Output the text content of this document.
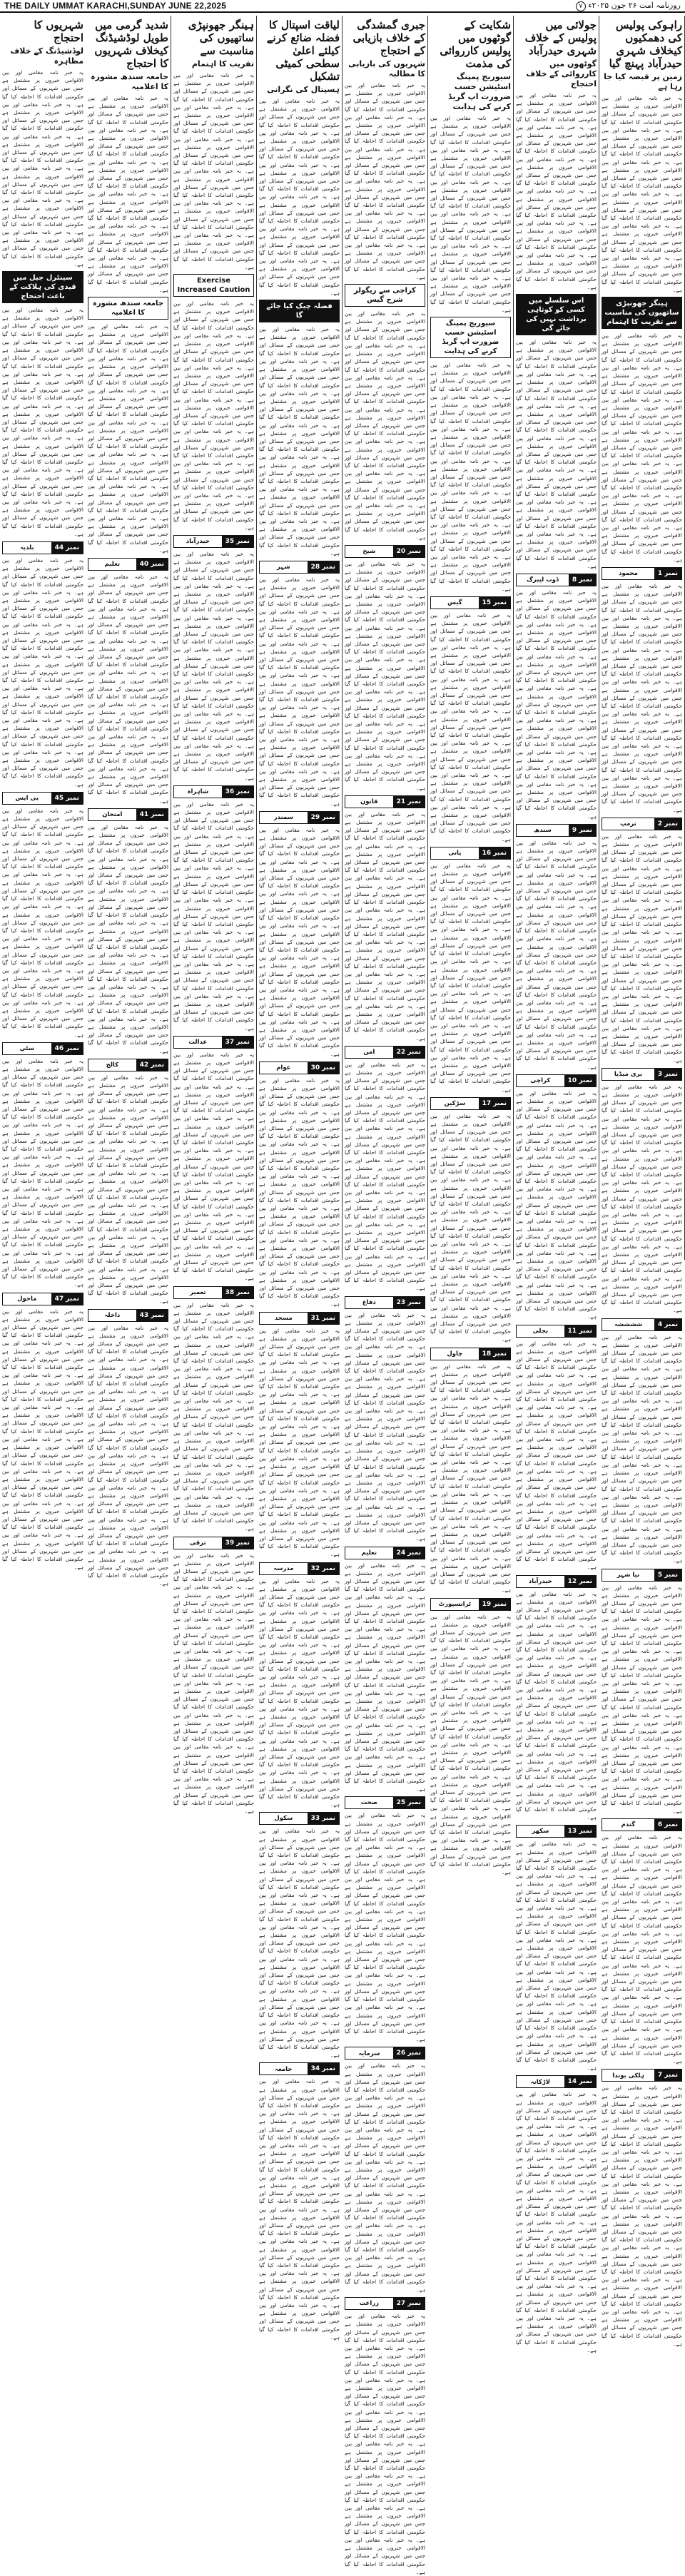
THE DAILY UMMAT KARACHI,SUNDAY JUNE 22,2025	روزنامہ امت ۲۶ جون ۲۰۲۵ء ۷
راہوکی پولیس کی دھمکیوں کیخلاف شہری حیدرآباد پہنچ گیا
زمین پر قبضہ کیا جا رہا ہے
یہ خبر نامہ مقامی اور بین الاقوامی خبروں پر مشتمل ہے جس میں شہریوں کے مسائل اور حکومتی اقدامات کا احاطہ کیا گیا ہے۔ یہ خبر نامہ مقامی اور بین الاقوامی خبروں پر مشتمل ہے جس میں شہریوں کے مسائل اور حکومتی اقدامات کا احاطہ کیا گیا ہے۔ یہ خبر نامہ مقامی اور بین الاقوامی خبروں پر مشتمل ہے جس میں شہریوں کے مسائل اور حکومتی اقدامات کا احاطہ کیا گیا ہے۔ یہ خبر نامہ مقامی اور بین الاقوامی خبروں پر مشتمل ہے جس میں شہریوں کے مسائل اور حکومتی اقدامات کا احاطہ کیا گیا ہے۔ یہ خبر نامہ مقامی اور بین الاقوامی خبروں پر مشتمل ہے جس میں شہریوں کے مسائل اور حکومتی اقدامات کا احاطہ کیا گیا ہے۔ یہ خبر نامہ مقامی اور بین الاقوامی خبروں پر مشتمل ہے جس میں شہریوں کے مسائل اور حکومتی اقدامات کا احاطہ کیا گیا ہے۔
ہینگر جھونپڑی ساتھیوں کی مناسبت سے تقریب کا اہتمام
یہ خبر نامہ مقامی اور بین الاقوامی خبروں پر مشتمل ہے جس میں شہریوں کے مسائل اور حکومتی اقدامات کا احاطہ کیا گیا ہے۔ یہ خبر نامہ مقامی اور بین الاقوامی خبروں پر مشتمل ہے جس میں شہریوں کے مسائل اور حکومتی اقدامات کا احاطہ کیا گیا ہے۔ یہ خبر نامہ مقامی اور بین الاقوامی خبروں پر مشتمل ہے جس میں شہریوں کے مسائل اور حکومتی اقدامات کا احاطہ کیا گیا ہے۔ یہ خبر نامہ مقامی اور بین الاقوامی خبروں پر مشتمل ہے جس میں شہریوں کے مسائل اور حکومتی اقدامات کا احاطہ کیا گیا ہے۔ یہ خبر نامہ مقامی اور بین الاقوامی خبروں پر مشتمل ہے جس میں شہریوں کے مسائل اور حکومتی اقدامات کا احاطہ کیا گیا ہے۔ یہ خبر نامہ مقامی اور بین الاقوامی خبروں پر مشتمل ہے جس میں شہریوں کے مسائل اور حکومتی اقدامات کا احاطہ کیا گیا ہے۔ یہ خبر نامہ مقامی اور بین الاقوامی خبروں پر مشتمل ہے جس میں شہریوں کے مسائل اور حکومتی اقدامات کا احاطہ کیا گیا ہے۔
نمبر 1
محمود
یہ خبر نامہ مقامی اور بین الاقوامی خبروں پر مشتمل ہے جس میں شہریوں کے مسائل اور حکومتی اقدامات کا احاطہ کیا گیا ہے۔ یہ خبر نامہ مقامی اور بین الاقوامی خبروں پر مشتمل ہے جس میں شہریوں کے مسائل اور حکومتی اقدامات کا احاطہ کیا گیا ہے۔ یہ خبر نامہ مقامی اور بین الاقوامی خبروں پر مشتمل ہے جس میں شہریوں کے مسائل اور حکومتی اقدامات کا احاطہ کیا گیا ہے۔ یہ خبر نامہ مقامی اور بین الاقوامی خبروں پر مشتمل ہے جس میں شہریوں کے مسائل اور حکومتی اقدامات کا احاطہ کیا گیا ہے۔ یہ خبر نامہ مقامی اور بین الاقوامی خبروں پر مشتمل ہے جس میں شہریوں کے مسائل اور حکومتی اقدامات کا احاطہ کیا گیا ہے۔ یہ خبر نامہ مقامی اور بین الاقوامی خبروں پر مشتمل ہے جس میں شہریوں کے مسائل اور حکومتی اقدامات کا احاطہ کیا گیا ہے۔ یہ خبر نامہ مقامی اور بین الاقوامی خبروں پر مشتمل ہے جس میں شہریوں کے مسائل اور حکومتی اقدامات کا احاطہ کیا گیا ہے۔
نمبر 2
ترمپ
یہ خبر نامہ مقامی اور بین الاقوامی خبروں پر مشتمل ہے جس میں شہریوں کے مسائل اور حکومتی اقدامات کا احاطہ کیا گیا ہے۔ یہ خبر نامہ مقامی اور بین الاقوامی خبروں پر مشتمل ہے جس میں شہریوں کے مسائل اور حکومتی اقدامات کا احاطہ کیا گیا ہے۔ یہ خبر نامہ مقامی اور بین الاقوامی خبروں پر مشتمل ہے جس میں شہریوں کے مسائل اور حکومتی اقدامات کا احاطہ کیا گیا ہے۔ یہ خبر نامہ مقامی اور بین الاقوامی خبروں پر مشتمل ہے جس میں شہریوں کے مسائل اور حکومتی اقدامات کا احاطہ کیا گیا ہے۔ یہ خبر نامہ مقامی اور بین الاقوامی خبروں پر مشتمل ہے جس میں شہریوں کے مسائل اور حکومتی اقدامات کا احاطہ کیا گیا ہے۔ یہ خبر نامہ مقامی اور بین الاقوامی خبروں پر مشتمل ہے جس میں شہریوں کے مسائل اور حکومتی اقدامات کا احاطہ کیا گیا ہے۔ یہ خبر نامہ مقامی اور بین الاقوامی خبروں پر مشتمل ہے جس میں شہریوں کے مسائل اور حکومتی اقدامات کا احاطہ کیا گیا ہے۔
نمبر 3
بری میڈیا
یہ خبر نامہ مقامی اور بین الاقوامی خبروں پر مشتمل ہے جس میں شہریوں کے مسائل اور حکومتی اقدامات کا احاطہ کیا گیا ہے۔ یہ خبر نامہ مقامی اور بین الاقوامی خبروں پر مشتمل ہے جس میں شہریوں کے مسائل اور حکومتی اقدامات کا احاطہ کیا گیا ہے۔ یہ خبر نامہ مقامی اور بین الاقوامی خبروں پر مشتمل ہے جس میں شہریوں کے مسائل اور حکومتی اقدامات کا احاطہ کیا گیا ہے۔ یہ خبر نامہ مقامی اور بین الاقوامی خبروں پر مشتمل ہے جس میں شہریوں کے مسائل اور حکومتی اقدامات کا احاطہ کیا گیا ہے۔ یہ خبر نامہ مقامی اور بین الاقوامی خبروں پر مشتمل ہے جس میں شہریوں کے مسائل اور حکومتی اقدامات کا احاطہ کیا گیا ہے۔ یہ خبر نامہ مقامی اور بین الاقوامی خبروں پر مشتمل ہے جس میں شہریوں کے مسائل اور حکومتی اقدامات کا احاطہ کیا گیا ہے۔ یہ خبر نامہ مقامی اور بین الاقوامی خبروں پر مشتمل ہے جس میں شہریوں کے مسائل اور حکومتی اقدامات کا احاطہ کیا گیا ہے۔
نمبر 4
ششششہ
یہ خبر نامہ مقامی اور بین الاقوامی خبروں پر مشتمل ہے جس میں شہریوں کے مسائل اور حکومتی اقدامات کا احاطہ کیا گیا ہے۔ یہ خبر نامہ مقامی اور بین الاقوامی خبروں پر مشتمل ہے جس میں شہریوں کے مسائل اور حکومتی اقدامات کا احاطہ کیا گیا ہے۔ یہ خبر نامہ مقامی اور بین الاقوامی خبروں پر مشتمل ہے جس میں شہریوں کے مسائل اور حکومتی اقدامات کا احاطہ کیا گیا ہے۔ یہ خبر نامہ مقامی اور بین الاقوامی خبروں پر مشتمل ہے جس میں شہریوں کے مسائل اور حکومتی اقدامات کا احاطہ کیا گیا ہے۔ یہ خبر نامہ مقامی اور بین الاقوامی خبروں پر مشتمل ہے جس میں شہریوں کے مسائل اور حکومتی اقدامات کا احاطہ کیا گیا ہے۔ یہ خبر نامہ مقامی اور بین الاقوامی خبروں پر مشتمل ہے جس میں شہریوں کے مسائل اور حکومتی اقدامات کا احاطہ کیا گیا ہے۔ یہ خبر نامہ مقامی اور بین الاقوامی خبروں پر مشتمل ہے جس میں شہریوں کے مسائل اور حکومتی اقدامات کا احاطہ کیا گیا ہے۔
نمبر 5
نیا شہر
یہ خبر نامہ مقامی اور بین الاقوامی خبروں پر مشتمل ہے جس میں شہریوں کے مسائل اور حکومتی اقدامات کا احاطہ کیا گیا ہے۔ یہ خبر نامہ مقامی اور بین الاقوامی خبروں پر مشتمل ہے جس میں شہریوں کے مسائل اور حکومتی اقدامات کا احاطہ کیا گیا ہے۔ یہ خبر نامہ مقامی اور بین الاقوامی خبروں پر مشتمل ہے جس میں شہریوں کے مسائل اور حکومتی اقدامات کا احاطہ کیا گیا ہے۔ یہ خبر نامہ مقامی اور بین الاقوامی خبروں پر مشتمل ہے جس میں شہریوں کے مسائل اور حکومتی اقدامات کا احاطہ کیا گیا ہے۔ یہ خبر نامہ مقامی اور بین الاقوامی خبروں پر مشتمل ہے جس میں شہریوں کے مسائل اور حکومتی اقدامات کا احاطہ کیا گیا ہے۔ یہ خبر نامہ مقامی اور بین الاقوامی خبروں پر مشتمل ہے جس میں شہریوں کے مسائل اور حکومتی اقدامات کا احاطہ کیا گیا ہے۔ یہ خبر نامہ مقامی اور بین الاقوامی خبروں پر مشتمل ہے جس میں شہریوں کے مسائل اور حکومتی اقدامات کا احاطہ کیا گیا ہے۔
نمبر 6
گندم
یہ خبر نامہ مقامی اور بین الاقوامی خبروں پر مشتمل ہے جس میں شہریوں کے مسائل اور حکومتی اقدامات کا احاطہ کیا گیا ہے۔ یہ خبر نامہ مقامی اور بین الاقوامی خبروں پر مشتمل ہے جس میں شہریوں کے مسائل اور حکومتی اقدامات کا احاطہ کیا گیا ہے۔ یہ خبر نامہ مقامی اور بین الاقوامی خبروں پر مشتمل ہے جس میں شہریوں کے مسائل اور حکومتی اقدامات کا احاطہ کیا گیا ہے۔ یہ خبر نامہ مقامی اور بین الاقوامی خبروں پر مشتمل ہے جس میں شہریوں کے مسائل اور حکومتی اقدامات کا احاطہ کیا گیا ہے۔ یہ خبر نامہ مقامی اور بین الاقوامی خبروں پر مشتمل ہے جس میں شہریوں کے مسائل اور حکومتی اقدامات کا احاطہ کیا گیا ہے۔ یہ خبر نامہ مقامی اور بین الاقوامی خبروں پر مشتمل ہے جس میں شہریوں کے مسائل اور حکومتی اقدامات کا احاطہ کیا گیا ہے۔ یہ خبر نامہ مقامی اور بین الاقوامی خبروں پر مشتمل ہے جس میں شہریوں کے مسائل اور حکومتی اقدامات کا احاطہ کیا گیا ہے۔
نمبر 7
ہلکی بوندا
یہ خبر نامہ مقامی اور بین الاقوامی خبروں پر مشتمل ہے جس میں شہریوں کے مسائل اور حکومتی اقدامات کا احاطہ کیا گیا ہے۔ یہ خبر نامہ مقامی اور بین الاقوامی خبروں پر مشتمل ہے جس میں شہریوں کے مسائل اور حکومتی اقدامات کا احاطہ کیا گیا ہے۔ یہ خبر نامہ مقامی اور بین الاقوامی خبروں پر مشتمل ہے جس میں شہریوں کے مسائل اور حکومتی اقدامات کا احاطہ کیا گیا ہے۔ یہ خبر نامہ مقامی اور بین الاقوامی خبروں پر مشتمل ہے جس میں شہریوں کے مسائل اور حکومتی اقدامات کا احاطہ کیا گیا ہے۔ یہ خبر نامہ مقامی اور بین الاقوامی خبروں پر مشتمل ہے جس میں شہریوں کے مسائل اور حکومتی اقدامات کا احاطہ کیا گیا ہے۔ یہ خبر نامہ مقامی اور بین الاقوامی خبروں پر مشتمل ہے جس میں شہریوں کے مسائل اور حکومتی اقدامات کا احاطہ کیا گیا ہے۔ یہ خبر نامہ مقامی اور بین الاقوامی خبروں پر مشتمل ہے جس میں شہریوں کے مسائل اور حکومتی اقدامات کا احاطہ کیا گیا ہے۔ یہ خبر نامہ مقامی اور بین الاقوامی خبروں پر مشتمل ہے جس میں شہریوں کے مسائل اور حکومتی اقدامات کا احاطہ کیا گیا ہے۔
جولائی میں پولیس کے خلاف شہری حیدرآباد
گوٹھوں میں کارروائی کے خلاف احتجاج
یہ خبر نامہ مقامی اور بین الاقوامی خبروں پر مشتمل ہے جس میں شہریوں کے مسائل اور حکومتی اقدامات کا احاطہ کیا گیا ہے۔ یہ خبر نامہ مقامی اور بین الاقوامی خبروں پر مشتمل ہے جس میں شہریوں کے مسائل اور حکومتی اقدامات کا احاطہ کیا گیا ہے۔ یہ خبر نامہ مقامی اور بین الاقوامی خبروں پر مشتمل ہے جس میں شہریوں کے مسائل اور حکومتی اقدامات کا احاطہ کیا گیا ہے۔ یہ خبر نامہ مقامی اور بین الاقوامی خبروں پر مشتمل ہے جس میں شہریوں کے مسائل اور حکومتی اقدامات کا احاطہ کیا گیا ہے۔ یہ خبر نامہ مقامی اور بین الاقوامی خبروں پر مشتمل ہے جس میں شہریوں کے مسائل اور حکومتی اقدامات کا احاطہ کیا گیا ہے۔ یہ خبر نامہ مقامی اور بین الاقوامی خبروں پر مشتمل ہے جس میں شہریوں کے مسائل اور حکومتی اقدامات کا احاطہ کیا گیا ہے۔
اس سلسلے میں کسی کو کوتاہی برداشت نہیں کی جائے گی
یہ خبر نامہ مقامی اور بین الاقوامی خبروں پر مشتمل ہے جس میں شہریوں کے مسائل اور حکومتی اقدامات کا احاطہ کیا گیا ہے۔ یہ خبر نامہ مقامی اور بین الاقوامی خبروں پر مشتمل ہے جس میں شہریوں کے مسائل اور حکومتی اقدامات کا احاطہ کیا گیا ہے۔ یہ خبر نامہ مقامی اور بین الاقوامی خبروں پر مشتمل ہے جس میں شہریوں کے مسائل اور حکومتی اقدامات کا احاطہ کیا گیا ہے۔ یہ خبر نامہ مقامی اور بین الاقوامی خبروں پر مشتمل ہے جس میں شہریوں کے مسائل اور حکومتی اقدامات کا احاطہ کیا گیا ہے۔ یہ خبر نامہ مقامی اور بین الاقوامی خبروں پر مشتمل ہے جس میں شہریوں کے مسائل اور حکومتی اقدامات کا احاطہ کیا گیا ہے۔ یہ خبر نامہ مقامی اور بین الاقوامی خبروں پر مشتمل ہے جس میں شہریوں کے مسائل اور حکومتی اقدامات کا احاطہ کیا گیا ہے۔ یہ خبر نامہ مقامی اور بین الاقوامی خبروں پر مشتمل ہے جس میں شہریوں کے مسائل اور حکومتی اقدامات کا احاطہ کیا گیا ہے۔
نمبر 8
ڈوب لیبرگ
یہ خبر نامہ مقامی اور بین الاقوامی خبروں پر مشتمل ہے جس میں شہریوں کے مسائل اور حکومتی اقدامات کا احاطہ کیا گیا ہے۔ یہ خبر نامہ مقامی اور بین الاقوامی خبروں پر مشتمل ہے جس میں شہریوں کے مسائل اور حکومتی اقدامات کا احاطہ کیا گیا ہے۔ یہ خبر نامہ مقامی اور بین الاقوامی خبروں پر مشتمل ہے جس میں شہریوں کے مسائل اور حکومتی اقدامات کا احاطہ کیا گیا ہے۔ یہ خبر نامہ مقامی اور بین الاقوامی خبروں پر مشتمل ہے جس میں شہریوں کے مسائل اور حکومتی اقدامات کا احاطہ کیا گیا ہے۔ یہ خبر نامہ مقامی اور بین الاقوامی خبروں پر مشتمل ہے جس میں شہریوں کے مسائل اور حکومتی اقدامات کا احاطہ کیا گیا ہے۔ یہ خبر نامہ مقامی اور بین الاقوامی خبروں پر مشتمل ہے جس میں شہریوں کے مسائل اور حکومتی اقدامات کا احاطہ کیا گیا ہے۔ یہ خبر نامہ مقامی اور بین الاقوامی خبروں پر مشتمل ہے جس میں شہریوں کے مسائل اور حکومتی اقدامات کا احاطہ کیا گیا ہے۔
نمبر 9
سندھ
یہ خبر نامہ مقامی اور بین الاقوامی خبروں پر مشتمل ہے جس میں شہریوں کے مسائل اور حکومتی اقدامات کا احاطہ کیا گیا ہے۔ یہ خبر نامہ مقامی اور بین الاقوامی خبروں پر مشتمل ہے جس میں شہریوں کے مسائل اور حکومتی اقدامات کا احاطہ کیا گیا ہے۔ یہ خبر نامہ مقامی اور بین الاقوامی خبروں پر مشتمل ہے جس میں شہریوں کے مسائل اور حکومتی اقدامات کا احاطہ کیا گیا ہے۔ یہ خبر نامہ مقامی اور بین الاقوامی خبروں پر مشتمل ہے جس میں شہریوں کے مسائل اور حکومتی اقدامات کا احاطہ کیا گیا ہے۔ یہ خبر نامہ مقامی اور بین الاقوامی خبروں پر مشتمل ہے جس میں شہریوں کے مسائل اور حکومتی اقدامات کا احاطہ کیا گیا ہے۔ یہ خبر نامہ مقامی اور بین الاقوامی خبروں پر مشتمل ہے جس میں شہریوں کے مسائل اور حکومتی اقدامات کا احاطہ کیا گیا ہے۔ یہ خبر نامہ مقامی اور بین الاقوامی خبروں پر مشتمل ہے جس میں شہریوں کے مسائل اور حکومتی اقدامات کا احاطہ کیا گیا ہے۔
نمبر 10
کراچی
یہ خبر نامہ مقامی اور بین الاقوامی خبروں پر مشتمل ہے جس میں شہریوں کے مسائل اور حکومتی اقدامات کا احاطہ کیا گیا ہے۔ یہ خبر نامہ مقامی اور بین الاقوامی خبروں پر مشتمل ہے جس میں شہریوں کے مسائل اور حکومتی اقدامات کا احاطہ کیا گیا ہے۔ یہ خبر نامہ مقامی اور بین الاقوامی خبروں پر مشتمل ہے جس میں شہریوں کے مسائل اور حکومتی اقدامات کا احاطہ کیا گیا ہے۔ یہ خبر نامہ مقامی اور بین الاقوامی خبروں پر مشتمل ہے جس میں شہریوں کے مسائل اور حکومتی اقدامات کا احاطہ کیا گیا ہے۔ یہ خبر نامہ مقامی اور بین الاقوامی خبروں پر مشتمل ہے جس میں شہریوں کے مسائل اور حکومتی اقدامات کا احاطہ کیا گیا ہے۔ یہ خبر نامہ مقامی اور بین الاقوامی خبروں پر مشتمل ہے جس میں شہریوں کے مسائل اور حکومتی اقدامات کا احاطہ کیا گیا ہے۔ یہ خبر نامہ مقامی اور بین الاقوامی خبروں پر مشتمل ہے جس میں شہریوں کے مسائل اور حکومتی اقدامات کا احاطہ کیا گیا ہے۔
نمبر 11
بجلی
یہ خبر نامہ مقامی اور بین الاقوامی خبروں پر مشتمل ہے جس میں شہریوں کے مسائل اور حکومتی اقدامات کا احاطہ کیا گیا ہے۔ یہ خبر نامہ مقامی اور بین الاقوامی خبروں پر مشتمل ہے جس میں شہریوں کے مسائل اور حکومتی اقدامات کا احاطہ کیا گیا ہے۔ یہ خبر نامہ مقامی اور بین الاقوامی خبروں پر مشتمل ہے جس میں شہریوں کے مسائل اور حکومتی اقدامات کا احاطہ کیا گیا ہے۔ یہ خبر نامہ مقامی اور بین الاقوامی خبروں پر مشتمل ہے جس میں شہریوں کے مسائل اور حکومتی اقدامات کا احاطہ کیا گیا ہے۔ یہ خبر نامہ مقامی اور بین الاقوامی خبروں پر مشتمل ہے جس میں شہریوں کے مسائل اور حکومتی اقدامات کا احاطہ کیا گیا ہے۔ یہ خبر نامہ مقامی اور بین الاقوامی خبروں پر مشتمل ہے جس میں شہریوں کے مسائل اور حکومتی اقدامات کا احاطہ کیا گیا ہے۔ یہ خبر نامہ مقامی اور بین الاقوامی خبروں پر مشتمل ہے جس میں شہریوں کے مسائل اور حکومتی اقدامات کا احاطہ کیا گیا ہے۔
نمبر 12
حیدرآباد
یہ خبر نامہ مقامی اور بین الاقوامی خبروں پر مشتمل ہے جس میں شہریوں کے مسائل اور حکومتی اقدامات کا احاطہ کیا گیا ہے۔ یہ خبر نامہ مقامی اور بین الاقوامی خبروں پر مشتمل ہے جس میں شہریوں کے مسائل اور حکومتی اقدامات کا احاطہ کیا گیا ہے۔ یہ خبر نامہ مقامی اور بین الاقوامی خبروں پر مشتمل ہے جس میں شہریوں کے مسائل اور حکومتی اقدامات کا احاطہ کیا گیا ہے۔ یہ خبر نامہ مقامی اور بین الاقوامی خبروں پر مشتمل ہے جس میں شہریوں کے مسائل اور حکومتی اقدامات کا احاطہ کیا گیا ہے۔ یہ خبر نامہ مقامی اور بین الاقوامی خبروں پر مشتمل ہے جس میں شہریوں کے مسائل اور حکومتی اقدامات کا احاطہ کیا گیا ہے۔ یہ خبر نامہ مقامی اور بین الاقوامی خبروں پر مشتمل ہے جس میں شہریوں کے مسائل اور حکومتی اقدامات کا احاطہ کیا گیا ہے۔ یہ خبر نامہ مقامی اور بین الاقوامی خبروں پر مشتمل ہے جس میں شہریوں کے مسائل اور حکومتی اقدامات کا احاطہ کیا گیا ہے۔
نمبر 13
سکھر
یہ خبر نامہ مقامی اور بین الاقوامی خبروں پر مشتمل ہے جس میں شہریوں کے مسائل اور حکومتی اقدامات کا احاطہ کیا گیا ہے۔ یہ خبر نامہ مقامی اور بین الاقوامی خبروں پر مشتمل ہے جس میں شہریوں کے مسائل اور حکومتی اقدامات کا احاطہ کیا گیا ہے۔ یہ خبر نامہ مقامی اور بین الاقوامی خبروں پر مشتمل ہے جس میں شہریوں کے مسائل اور حکومتی اقدامات کا احاطہ کیا گیا ہے۔ یہ خبر نامہ مقامی اور بین الاقوامی خبروں پر مشتمل ہے جس میں شہریوں کے مسائل اور حکومتی اقدامات کا احاطہ کیا گیا ہے۔ یہ خبر نامہ مقامی اور بین الاقوامی خبروں پر مشتمل ہے جس میں شہریوں کے مسائل اور حکومتی اقدامات کا احاطہ کیا گیا ہے۔ یہ خبر نامہ مقامی اور بین الاقوامی خبروں پر مشتمل ہے جس میں شہریوں کے مسائل اور حکومتی اقدامات کا احاطہ کیا گیا ہے۔ یہ خبر نامہ مقامی اور بین الاقوامی خبروں پر مشتمل ہے جس میں شہریوں کے مسائل اور حکومتی اقدامات کا احاطہ کیا گیا ہے۔
نمبر 14
لاڑکانہ
یہ خبر نامہ مقامی اور بین الاقوامی خبروں پر مشتمل ہے جس میں شہریوں کے مسائل اور حکومتی اقدامات کا احاطہ کیا گیا ہے۔ یہ خبر نامہ مقامی اور بین الاقوامی خبروں پر مشتمل ہے جس میں شہریوں کے مسائل اور حکومتی اقدامات کا احاطہ کیا گیا ہے۔ یہ خبر نامہ مقامی اور بین الاقوامی خبروں پر مشتمل ہے جس میں شہریوں کے مسائل اور حکومتی اقدامات کا احاطہ کیا گیا ہے۔ یہ خبر نامہ مقامی اور بین الاقوامی خبروں پر مشتمل ہے جس میں شہریوں کے مسائل اور حکومتی اقدامات کا احاطہ کیا گیا ہے۔ یہ خبر نامہ مقامی اور بین الاقوامی خبروں پر مشتمل ہے جس میں شہریوں کے مسائل اور حکومتی اقدامات کا احاطہ کیا گیا ہے۔ یہ خبر نامہ مقامی اور بین الاقوامی خبروں پر مشتمل ہے جس میں شہریوں کے مسائل اور حکومتی اقدامات کا احاطہ کیا گیا ہے۔ یہ خبر نامہ مقامی اور بین الاقوامی خبروں پر مشتمل ہے جس میں شہریوں کے مسائل اور حکومتی اقدامات کا احاطہ کیا گیا ہے۔ یہ خبر نامہ مقامی اور بین الاقوامی خبروں پر مشتمل ہے جس میں شہریوں کے مسائل اور حکومتی اقدامات کا احاطہ کیا گیا ہے۔
شکایت کے گوٹھوں میں پولیس کارروائی کی مذمت
سیوریج پمپنگ اسٹیشن حسب ضرورت اپ گریڈ کرنے کی ہدایت
یہ خبر نامہ مقامی اور بین الاقوامی خبروں پر مشتمل ہے جس میں شہریوں کے مسائل اور حکومتی اقدامات کا احاطہ کیا گیا ہے۔ یہ خبر نامہ مقامی اور بین الاقوامی خبروں پر مشتمل ہے جس میں شہریوں کے مسائل اور حکومتی اقدامات کا احاطہ کیا گیا ہے۔ یہ خبر نامہ مقامی اور بین الاقوامی خبروں پر مشتمل ہے جس میں شہریوں کے مسائل اور حکومتی اقدامات کا احاطہ کیا گیا ہے۔ یہ خبر نامہ مقامی اور بین الاقوامی خبروں پر مشتمل ہے جس میں شہریوں کے مسائل اور حکومتی اقدامات کا احاطہ کیا گیا ہے۔ یہ خبر نامہ مقامی اور بین الاقوامی خبروں پر مشتمل ہے جس میں شہریوں کے مسائل اور حکومتی اقدامات کا احاطہ کیا گیا ہے۔ یہ خبر نامہ مقامی اور بین الاقوامی خبروں پر مشتمل ہے جس میں شہریوں کے مسائل اور حکومتی اقدامات کا احاطہ کیا گیا ہے۔
سیوریج پمپنگ اسٹیشن حسب ضرورت اپ گریڈ کرنے کی ہدایت
یہ خبر نامہ مقامی اور بین الاقوامی خبروں پر مشتمل ہے جس میں شہریوں کے مسائل اور حکومتی اقدامات کا احاطہ کیا گیا ہے۔ یہ خبر نامہ مقامی اور بین الاقوامی خبروں پر مشتمل ہے جس میں شہریوں کے مسائل اور حکومتی اقدامات کا احاطہ کیا گیا ہے۔ یہ خبر نامہ مقامی اور بین الاقوامی خبروں پر مشتمل ہے جس میں شہریوں کے مسائل اور حکومتی اقدامات کا احاطہ کیا گیا ہے۔ یہ خبر نامہ مقامی اور بین الاقوامی خبروں پر مشتمل ہے جس میں شہریوں کے مسائل اور حکومتی اقدامات کا احاطہ کیا گیا ہے۔ یہ خبر نامہ مقامی اور بین الاقوامی خبروں پر مشتمل ہے جس میں شہریوں کے مسائل اور حکومتی اقدامات کا احاطہ کیا گیا ہے۔ یہ خبر نامہ مقامی اور بین الاقوامی خبروں پر مشتمل ہے جس میں شہریوں کے مسائل اور حکومتی اقدامات کا احاطہ کیا گیا ہے۔ یہ خبر نامہ مقامی اور بین الاقوامی خبروں پر مشتمل ہے جس میں شہریوں کے مسائل اور حکومتی اقدامات کا احاطہ کیا گیا ہے۔
نمبر 15
گیس
یہ خبر نامہ مقامی اور بین الاقوامی خبروں پر مشتمل ہے جس میں شہریوں کے مسائل اور حکومتی اقدامات کا احاطہ کیا گیا ہے۔ یہ خبر نامہ مقامی اور بین الاقوامی خبروں پر مشتمل ہے جس میں شہریوں کے مسائل اور حکومتی اقدامات کا احاطہ کیا گیا ہے۔ یہ خبر نامہ مقامی اور بین الاقوامی خبروں پر مشتمل ہے جس میں شہریوں کے مسائل اور حکومتی اقدامات کا احاطہ کیا گیا ہے۔ یہ خبر نامہ مقامی اور بین الاقوامی خبروں پر مشتمل ہے جس میں شہریوں کے مسائل اور حکومتی اقدامات کا احاطہ کیا گیا ہے۔ یہ خبر نامہ مقامی اور بین الاقوامی خبروں پر مشتمل ہے جس میں شہریوں کے مسائل اور حکومتی اقدامات کا احاطہ کیا گیا ہے۔ یہ خبر نامہ مقامی اور بین الاقوامی خبروں پر مشتمل ہے جس میں شہریوں کے مسائل اور حکومتی اقدامات کا احاطہ کیا گیا ہے۔ یہ خبر نامہ مقامی اور بین الاقوامی خبروں پر مشتمل ہے جس میں شہریوں کے مسائل اور حکومتی اقدامات کا احاطہ کیا گیا ہے۔
نمبر 16
پانی
یہ خبر نامہ مقامی اور بین الاقوامی خبروں پر مشتمل ہے جس میں شہریوں کے مسائل اور حکومتی اقدامات کا احاطہ کیا گیا ہے۔ یہ خبر نامہ مقامی اور بین الاقوامی خبروں پر مشتمل ہے جس میں شہریوں کے مسائل اور حکومتی اقدامات کا احاطہ کیا گیا ہے۔ یہ خبر نامہ مقامی اور بین الاقوامی خبروں پر مشتمل ہے جس میں شہریوں کے مسائل اور حکومتی اقدامات کا احاطہ کیا گیا ہے۔ یہ خبر نامہ مقامی اور بین الاقوامی خبروں پر مشتمل ہے جس میں شہریوں کے مسائل اور حکومتی اقدامات کا احاطہ کیا گیا ہے۔ یہ خبر نامہ مقامی اور بین الاقوامی خبروں پر مشتمل ہے جس میں شہریوں کے مسائل اور حکومتی اقدامات کا احاطہ کیا گیا ہے۔ یہ خبر نامہ مقامی اور بین الاقوامی خبروں پر مشتمل ہے جس میں شہریوں کے مسائل اور حکومتی اقدامات کا احاطہ کیا گیا ہے۔ یہ خبر نامہ مقامی اور بین الاقوامی خبروں پر مشتمل ہے جس میں شہریوں کے مسائل اور حکومتی اقدامات کا احاطہ کیا گیا ہے۔
نمبر 17
سڑکیں
یہ خبر نامہ مقامی اور بین الاقوامی خبروں پر مشتمل ہے جس میں شہریوں کے مسائل اور حکومتی اقدامات کا احاطہ کیا گیا ہے۔ یہ خبر نامہ مقامی اور بین الاقوامی خبروں پر مشتمل ہے جس میں شہریوں کے مسائل اور حکومتی اقدامات کا احاطہ کیا گیا ہے۔ یہ خبر نامہ مقامی اور بین الاقوامی خبروں پر مشتمل ہے جس میں شہریوں کے مسائل اور حکومتی اقدامات کا احاطہ کیا گیا ہے۔ یہ خبر نامہ مقامی اور بین الاقوامی خبروں پر مشتمل ہے جس میں شہریوں کے مسائل اور حکومتی اقدامات کا احاطہ کیا گیا ہے۔ یہ خبر نامہ مقامی اور بین الاقوامی خبروں پر مشتمل ہے جس میں شہریوں کے مسائل اور حکومتی اقدامات کا احاطہ کیا گیا ہے۔ یہ خبر نامہ مقامی اور بین الاقوامی خبروں پر مشتمل ہے جس میں شہریوں کے مسائل اور حکومتی اقدامات کا احاطہ کیا گیا ہے۔ یہ خبر نامہ مقامی اور بین الاقوامی خبروں پر مشتمل ہے جس میں شہریوں کے مسائل اور حکومتی اقدامات کا احاطہ کیا گیا ہے۔
نمبر 18
چاول
یہ خبر نامہ مقامی اور بین الاقوامی خبروں پر مشتمل ہے جس میں شہریوں کے مسائل اور حکومتی اقدامات کا احاطہ کیا گیا ہے۔ یہ خبر نامہ مقامی اور بین الاقوامی خبروں پر مشتمل ہے جس میں شہریوں کے مسائل اور حکومتی اقدامات کا احاطہ کیا گیا ہے۔ یہ خبر نامہ مقامی اور بین الاقوامی خبروں پر مشتمل ہے جس میں شہریوں کے مسائل اور حکومتی اقدامات کا احاطہ کیا گیا ہے۔ یہ خبر نامہ مقامی اور بین الاقوامی خبروں پر مشتمل ہے جس میں شہریوں کے مسائل اور حکومتی اقدامات کا احاطہ کیا گیا ہے۔ یہ خبر نامہ مقامی اور بین الاقوامی خبروں پر مشتمل ہے جس میں شہریوں کے مسائل اور حکومتی اقدامات کا احاطہ کیا گیا ہے۔ یہ خبر نامہ مقامی اور بین الاقوامی خبروں پر مشتمل ہے جس میں شہریوں کے مسائل اور حکومتی اقدامات کا احاطہ کیا گیا ہے۔ یہ خبر نامہ مقامی اور بین الاقوامی خبروں پر مشتمل ہے جس میں شہریوں کے مسائل اور حکومتی اقدامات کا احاطہ کیا گیا ہے۔
نمبر 19
ٹرانسپورٹ
یہ خبر نامہ مقامی اور بین الاقوامی خبروں پر مشتمل ہے جس میں شہریوں کے مسائل اور حکومتی اقدامات کا احاطہ کیا گیا ہے۔ یہ خبر نامہ مقامی اور بین الاقوامی خبروں پر مشتمل ہے جس میں شہریوں کے مسائل اور حکومتی اقدامات کا احاطہ کیا گیا ہے۔ یہ خبر نامہ مقامی اور بین الاقوامی خبروں پر مشتمل ہے جس میں شہریوں کے مسائل اور حکومتی اقدامات کا احاطہ کیا گیا ہے۔ یہ خبر نامہ مقامی اور بین الاقوامی خبروں پر مشتمل ہے جس میں شہریوں کے مسائل اور حکومتی اقدامات کا احاطہ کیا گیا ہے۔ یہ خبر نامہ مقامی اور بین الاقوامی خبروں پر مشتمل ہے جس میں شہریوں کے مسائل اور حکومتی اقدامات کا احاطہ کیا گیا ہے۔ یہ خبر نامہ مقامی اور بین الاقوامی خبروں پر مشتمل ہے جس میں شہریوں کے مسائل اور حکومتی اقدامات کا احاطہ کیا گیا ہے۔ یہ خبر نامہ مقامی اور بین الاقوامی خبروں پر مشتمل ہے جس میں شہریوں کے مسائل اور حکومتی اقدامات کا احاطہ کیا گیا ہے۔ یہ خبر نامہ مقامی اور بین الاقوامی خبروں پر مشتمل ہے جس میں شہریوں کے مسائل اور حکومتی اقدامات کا احاطہ کیا گیا ہے۔
جبری گمشدگی کے خلاف بازیابی کے احتجاج
شہریوں کی بازیابی کا مطالبہ
یہ خبر نامہ مقامی اور بین الاقوامی خبروں پر مشتمل ہے جس میں شہریوں کے مسائل اور حکومتی اقدامات کا احاطہ کیا گیا ہے۔ یہ خبر نامہ مقامی اور بین الاقوامی خبروں پر مشتمل ہے جس میں شہریوں کے مسائل اور حکومتی اقدامات کا احاطہ کیا گیا ہے۔ یہ خبر نامہ مقامی اور بین الاقوامی خبروں پر مشتمل ہے جس میں شہریوں کے مسائل اور حکومتی اقدامات کا احاطہ کیا گیا ہے۔ یہ خبر نامہ مقامی اور بین الاقوامی خبروں پر مشتمل ہے جس میں شہریوں کے مسائل اور حکومتی اقدامات کا احاطہ کیا گیا ہے۔ یہ خبر نامہ مقامی اور بین الاقوامی خبروں پر مشتمل ہے جس میں شہریوں کے مسائل اور حکومتی اقدامات کا احاطہ کیا گیا ہے۔ یہ خبر نامہ مقامی اور بین الاقوامی خبروں پر مشتمل ہے جس میں شہریوں کے مسائل اور حکومتی اقدامات کا احاطہ کیا گیا ہے۔
کراچی سے ریگولر شرح گیس
یہ خبر نامہ مقامی اور بین الاقوامی خبروں پر مشتمل ہے جس میں شہریوں کے مسائل اور حکومتی اقدامات کا احاطہ کیا گیا ہے۔ یہ خبر نامہ مقامی اور بین الاقوامی خبروں پر مشتمل ہے جس میں شہریوں کے مسائل اور حکومتی اقدامات کا احاطہ کیا گیا ہے۔ یہ خبر نامہ مقامی اور بین الاقوامی خبروں پر مشتمل ہے جس میں شہریوں کے مسائل اور حکومتی اقدامات کا احاطہ کیا گیا ہے۔ یہ خبر نامہ مقامی اور بین الاقوامی خبروں پر مشتمل ہے جس میں شہریوں کے مسائل اور حکومتی اقدامات کا احاطہ کیا گیا ہے۔ یہ خبر نامہ مقامی اور بین الاقوامی خبروں پر مشتمل ہے جس میں شہریوں کے مسائل اور حکومتی اقدامات کا احاطہ کیا گیا ہے۔ یہ خبر نامہ مقامی اور بین الاقوامی خبروں پر مشتمل ہے جس میں شہریوں کے مسائل اور حکومتی اقدامات کا احاطہ کیا گیا ہے۔ یہ خبر نامہ مقامی اور بین الاقوامی خبروں پر مشتمل ہے جس میں شہریوں کے مسائل اور حکومتی اقدامات کا احاطہ کیا گیا ہے۔
نمبر 20
شیخ
یہ خبر نامہ مقامی اور بین الاقوامی خبروں پر مشتمل ہے جس میں شہریوں کے مسائل اور حکومتی اقدامات کا احاطہ کیا گیا ہے۔ یہ خبر نامہ مقامی اور بین الاقوامی خبروں پر مشتمل ہے جس میں شہریوں کے مسائل اور حکومتی اقدامات کا احاطہ کیا گیا ہے۔ یہ خبر نامہ مقامی اور بین الاقوامی خبروں پر مشتمل ہے جس میں شہریوں کے مسائل اور حکومتی اقدامات کا احاطہ کیا گیا ہے۔ یہ خبر نامہ مقامی اور بین الاقوامی خبروں پر مشتمل ہے جس میں شہریوں کے مسائل اور حکومتی اقدامات کا احاطہ کیا گیا ہے۔ یہ خبر نامہ مقامی اور بین الاقوامی خبروں پر مشتمل ہے جس میں شہریوں کے مسائل اور حکومتی اقدامات کا احاطہ کیا گیا ہے۔ یہ خبر نامہ مقامی اور بین الاقوامی خبروں پر مشتمل ہے جس میں شہریوں کے مسائل اور حکومتی اقدامات کا احاطہ کیا گیا ہے۔ یہ خبر نامہ مقامی اور بین الاقوامی خبروں پر مشتمل ہے جس میں شہریوں کے مسائل اور حکومتی اقدامات کا احاطہ کیا گیا ہے۔
نمبر 21
قانون
یہ خبر نامہ مقامی اور بین الاقوامی خبروں پر مشتمل ہے جس میں شہریوں کے مسائل اور حکومتی اقدامات کا احاطہ کیا گیا ہے۔ یہ خبر نامہ مقامی اور بین الاقوامی خبروں پر مشتمل ہے جس میں شہریوں کے مسائل اور حکومتی اقدامات کا احاطہ کیا گیا ہے۔ یہ خبر نامہ مقامی اور بین الاقوامی خبروں پر مشتمل ہے جس میں شہریوں کے مسائل اور حکومتی اقدامات کا احاطہ کیا گیا ہے۔ یہ خبر نامہ مقامی اور بین الاقوامی خبروں پر مشتمل ہے جس میں شہریوں کے مسائل اور حکومتی اقدامات کا احاطہ کیا گیا ہے۔ یہ خبر نامہ مقامی اور بین الاقوامی خبروں پر مشتمل ہے جس میں شہریوں کے مسائل اور حکومتی اقدامات کا احاطہ کیا گیا ہے۔ یہ خبر نامہ مقامی اور بین الاقوامی خبروں پر مشتمل ہے جس میں شہریوں کے مسائل اور حکومتی اقدامات کا احاطہ کیا گیا ہے۔ یہ خبر نامہ مقامی اور بین الاقوامی خبروں پر مشتمل ہے جس میں شہریوں کے مسائل اور حکومتی اقدامات کا احاطہ کیا گیا ہے۔
نمبر 22
امن
یہ خبر نامہ مقامی اور بین الاقوامی خبروں پر مشتمل ہے جس میں شہریوں کے مسائل اور حکومتی اقدامات کا احاطہ کیا گیا ہے۔ یہ خبر نامہ مقامی اور بین الاقوامی خبروں پر مشتمل ہے جس میں شہریوں کے مسائل اور حکومتی اقدامات کا احاطہ کیا گیا ہے۔ یہ خبر نامہ مقامی اور بین الاقوامی خبروں پر مشتمل ہے جس میں شہریوں کے مسائل اور حکومتی اقدامات کا احاطہ کیا گیا ہے۔ یہ خبر نامہ مقامی اور بین الاقوامی خبروں پر مشتمل ہے جس میں شہریوں کے مسائل اور حکومتی اقدامات کا احاطہ کیا گیا ہے۔ یہ خبر نامہ مقامی اور بین الاقوامی خبروں پر مشتمل ہے جس میں شہریوں کے مسائل اور حکومتی اقدامات کا احاطہ کیا گیا ہے۔ یہ خبر نامہ مقامی اور بین الاقوامی خبروں پر مشتمل ہے جس میں شہریوں کے مسائل اور حکومتی اقدامات کا احاطہ کیا گیا ہے۔ یہ خبر نامہ مقامی اور بین الاقوامی خبروں پر مشتمل ہے جس میں شہریوں کے مسائل اور حکومتی اقدامات کا احاطہ کیا گیا ہے۔
نمبر 23
دفاع
یہ خبر نامہ مقامی اور بین الاقوامی خبروں پر مشتمل ہے جس میں شہریوں کے مسائل اور حکومتی اقدامات کا احاطہ کیا گیا ہے۔ یہ خبر نامہ مقامی اور بین الاقوامی خبروں پر مشتمل ہے جس میں شہریوں کے مسائل اور حکومتی اقدامات کا احاطہ کیا گیا ہے۔ یہ خبر نامہ مقامی اور بین الاقوامی خبروں پر مشتمل ہے جس میں شہریوں کے مسائل اور حکومتی اقدامات کا احاطہ کیا گیا ہے۔ یہ خبر نامہ مقامی اور بین الاقوامی خبروں پر مشتمل ہے جس میں شہریوں کے مسائل اور حکومتی اقدامات کا احاطہ کیا گیا ہے۔ یہ خبر نامہ مقامی اور بین الاقوامی خبروں پر مشتمل ہے جس میں شہریوں کے مسائل اور حکومتی اقدامات کا احاطہ کیا گیا ہے۔ یہ خبر نامہ مقامی اور بین الاقوامی خبروں پر مشتمل ہے جس میں شہریوں کے مسائل اور حکومتی اقدامات کا احاطہ کیا گیا ہے۔ یہ خبر نامہ مقامی اور بین الاقوامی خبروں پر مشتمل ہے جس میں شہریوں کے مسائل اور حکومتی اقدامات کا احاطہ کیا گیا ہے۔
نمبر 24
تعلیم
یہ خبر نامہ مقامی اور بین الاقوامی خبروں پر مشتمل ہے جس میں شہریوں کے مسائل اور حکومتی اقدامات کا احاطہ کیا گیا ہے۔ یہ خبر نامہ مقامی اور بین الاقوامی خبروں پر مشتمل ہے جس میں شہریوں کے مسائل اور حکومتی اقدامات کا احاطہ کیا گیا ہے۔ یہ خبر نامہ مقامی اور بین الاقوامی خبروں پر مشتمل ہے جس میں شہریوں کے مسائل اور حکومتی اقدامات کا احاطہ کیا گیا ہے۔ یہ خبر نامہ مقامی اور بین الاقوامی خبروں پر مشتمل ہے جس میں شہریوں کے مسائل اور حکومتی اقدامات کا احاطہ کیا گیا ہے۔ یہ خبر نامہ مقامی اور بین الاقوامی خبروں پر مشتمل ہے جس میں شہریوں کے مسائل اور حکومتی اقدامات کا احاطہ کیا گیا ہے۔ یہ خبر نامہ مقامی اور بین الاقوامی خبروں پر مشتمل ہے جس میں شہریوں کے مسائل اور حکومتی اقدامات کا احاطہ کیا گیا ہے۔ یہ خبر نامہ مقامی اور بین الاقوامی خبروں پر مشتمل ہے جس میں شہریوں کے مسائل اور حکومتی اقدامات کا احاطہ کیا گیا ہے۔
نمبر 25
صحت
یہ خبر نامہ مقامی اور بین الاقوامی خبروں پر مشتمل ہے جس میں شہریوں کے مسائل اور حکومتی اقدامات کا احاطہ کیا گیا ہے۔ یہ خبر نامہ مقامی اور بین الاقوامی خبروں پر مشتمل ہے جس میں شہریوں کے مسائل اور حکومتی اقدامات کا احاطہ کیا گیا ہے۔ یہ خبر نامہ مقامی اور بین الاقوامی خبروں پر مشتمل ہے جس میں شہریوں کے مسائل اور حکومتی اقدامات کا احاطہ کیا گیا ہے۔ یہ خبر نامہ مقامی اور بین الاقوامی خبروں پر مشتمل ہے جس میں شہریوں کے مسائل اور حکومتی اقدامات کا احاطہ کیا گیا ہے۔ یہ خبر نامہ مقامی اور بین الاقوامی خبروں پر مشتمل ہے جس میں شہریوں کے مسائل اور حکومتی اقدامات کا احاطہ کیا گیا ہے۔ یہ خبر نامہ مقامی اور بین الاقوامی خبروں پر مشتمل ہے جس میں شہریوں کے مسائل اور حکومتی اقدامات کا احاطہ کیا گیا ہے۔ یہ خبر نامہ مقامی اور بین الاقوامی خبروں پر مشتمل ہے جس میں شہریوں کے مسائل اور حکومتی اقدامات کا احاطہ کیا گیا ہے۔
نمبر 26
سرمایہ
یہ خبر نامہ مقامی اور بین الاقوامی خبروں پر مشتمل ہے جس میں شہریوں کے مسائل اور حکومتی اقدامات کا احاطہ کیا گیا ہے۔ یہ خبر نامہ مقامی اور بین الاقوامی خبروں پر مشتمل ہے جس میں شہریوں کے مسائل اور حکومتی اقدامات کا احاطہ کیا گیا ہے۔ یہ خبر نامہ مقامی اور بین الاقوامی خبروں پر مشتمل ہے جس میں شہریوں کے مسائل اور حکومتی اقدامات کا احاطہ کیا گیا ہے۔ یہ خبر نامہ مقامی اور بین الاقوامی خبروں پر مشتمل ہے جس میں شہریوں کے مسائل اور حکومتی اقدامات کا احاطہ کیا گیا ہے۔ یہ خبر نامہ مقامی اور بین الاقوامی خبروں پر مشتمل ہے جس میں شہریوں کے مسائل اور حکومتی اقدامات کا احاطہ کیا گیا ہے۔ یہ خبر نامہ مقامی اور بین الاقوامی خبروں پر مشتمل ہے جس میں شہریوں کے مسائل اور حکومتی اقدامات کا احاطہ کیا گیا ہے۔ یہ خبر نامہ مقامی اور بین الاقوامی خبروں پر مشتمل ہے جس میں شہریوں کے مسائل اور حکومتی اقدامات کا احاطہ کیا گیا ہے۔
نمبر 27
زراعت
یہ خبر نامہ مقامی اور بین الاقوامی خبروں پر مشتمل ہے جس میں شہریوں کے مسائل اور حکومتی اقدامات کا احاطہ کیا گیا ہے۔ یہ خبر نامہ مقامی اور بین الاقوامی خبروں پر مشتمل ہے جس میں شہریوں کے مسائل اور حکومتی اقدامات کا احاطہ کیا گیا ہے۔ یہ خبر نامہ مقامی اور بین الاقوامی خبروں پر مشتمل ہے جس میں شہریوں کے مسائل اور حکومتی اقدامات کا احاطہ کیا گیا ہے۔ یہ خبر نامہ مقامی اور بین الاقوامی خبروں پر مشتمل ہے جس میں شہریوں کے مسائل اور حکومتی اقدامات کا احاطہ کیا گیا ہے۔ یہ خبر نامہ مقامی اور بین الاقوامی خبروں پر مشتمل ہے جس میں شہریوں کے مسائل اور حکومتی اقدامات کا احاطہ کیا گیا ہے۔ یہ خبر نامہ مقامی اور بین الاقوامی خبروں پر مشتمل ہے جس میں شہریوں کے مسائل اور حکومتی اقدامات کا احاطہ کیا گیا ہے۔ یہ خبر نامہ مقامی اور بین الاقوامی خبروں پر مشتمل ہے جس میں شہریوں کے مسائل اور حکومتی اقدامات کا احاطہ کیا گیا ہے۔ یہ خبر نامہ مقامی اور بین الاقوامی خبروں پر مشتمل ہے جس میں شہریوں کے مسائل اور حکومتی اقدامات کا احاطہ کیا گیا ہے۔
لیاقت اسپتال کا فضلہ ضائع کرنے کیلئے اعلیٰ سطحی کمیٹی تشکیل
ہسپتال کی نگرانی
یہ خبر نامہ مقامی اور بین الاقوامی خبروں پر مشتمل ہے جس میں شہریوں کے مسائل اور حکومتی اقدامات کا احاطہ کیا گیا ہے۔ یہ خبر نامہ مقامی اور بین الاقوامی خبروں پر مشتمل ہے جس میں شہریوں کے مسائل اور حکومتی اقدامات کا احاطہ کیا گیا ہے۔ یہ خبر نامہ مقامی اور بین الاقوامی خبروں پر مشتمل ہے جس میں شہریوں کے مسائل اور حکومتی اقدامات کا احاطہ کیا گیا ہے۔ یہ خبر نامہ مقامی اور بین الاقوامی خبروں پر مشتمل ہے جس میں شہریوں کے مسائل اور حکومتی اقدامات کا احاطہ کیا گیا ہے۔ یہ خبر نامہ مقامی اور بین الاقوامی خبروں پر مشتمل ہے جس میں شہریوں کے مسائل اور حکومتی اقدامات کا احاطہ کیا گیا ہے۔ یہ خبر نامہ مقامی اور بین الاقوامی خبروں پر مشتمل ہے جس میں شہریوں کے مسائل اور حکومتی اقدامات کا احاطہ کیا گیا ہے۔
فضلہ چیک کیا جائے گا
یہ خبر نامہ مقامی اور بین الاقوامی خبروں پر مشتمل ہے جس میں شہریوں کے مسائل اور حکومتی اقدامات کا احاطہ کیا گیا ہے۔ یہ خبر نامہ مقامی اور بین الاقوامی خبروں پر مشتمل ہے جس میں شہریوں کے مسائل اور حکومتی اقدامات کا احاطہ کیا گیا ہے۔ یہ خبر نامہ مقامی اور بین الاقوامی خبروں پر مشتمل ہے جس میں شہریوں کے مسائل اور حکومتی اقدامات کا احاطہ کیا گیا ہے۔ یہ خبر نامہ مقامی اور بین الاقوامی خبروں پر مشتمل ہے جس میں شہریوں کے مسائل اور حکومتی اقدامات کا احاطہ کیا گیا ہے۔ یہ خبر نامہ مقامی اور بین الاقوامی خبروں پر مشتمل ہے جس میں شہریوں کے مسائل اور حکومتی اقدامات کا احاطہ کیا گیا ہے۔ یہ خبر نامہ مقامی اور بین الاقوامی خبروں پر مشتمل ہے جس میں شہریوں کے مسائل اور حکومتی اقدامات کا احاطہ کیا گیا ہے۔ یہ خبر نامہ مقامی اور بین الاقوامی خبروں پر مشتمل ہے جس میں شہریوں کے مسائل اور حکومتی اقدامات کا احاطہ کیا گیا ہے۔
نمبر 28
شہر
یہ خبر نامہ مقامی اور بین الاقوامی خبروں پر مشتمل ہے جس میں شہریوں کے مسائل اور حکومتی اقدامات کا احاطہ کیا گیا ہے۔ یہ خبر نامہ مقامی اور بین الاقوامی خبروں پر مشتمل ہے جس میں شہریوں کے مسائل اور حکومتی اقدامات کا احاطہ کیا گیا ہے۔ یہ خبر نامہ مقامی اور بین الاقوامی خبروں پر مشتمل ہے جس میں شہریوں کے مسائل اور حکومتی اقدامات کا احاطہ کیا گیا ہے۔ یہ خبر نامہ مقامی اور بین الاقوامی خبروں پر مشتمل ہے جس میں شہریوں کے مسائل اور حکومتی اقدامات کا احاطہ کیا گیا ہے۔ یہ خبر نامہ مقامی اور بین الاقوامی خبروں پر مشتمل ہے جس میں شہریوں کے مسائل اور حکومتی اقدامات کا احاطہ کیا گیا ہے۔ یہ خبر نامہ مقامی اور بین الاقوامی خبروں پر مشتمل ہے جس میں شہریوں کے مسائل اور حکومتی اقدامات کا احاطہ کیا گیا ہے۔ یہ خبر نامہ مقامی اور بین الاقوامی خبروں پر مشتمل ہے جس میں شہریوں کے مسائل اور حکومتی اقدامات کا احاطہ کیا گیا ہے۔
نمبر 29
سمندر
یہ خبر نامہ مقامی اور بین الاقوامی خبروں پر مشتمل ہے جس میں شہریوں کے مسائل اور حکومتی اقدامات کا احاطہ کیا گیا ہے۔ یہ خبر نامہ مقامی اور بین الاقوامی خبروں پر مشتمل ہے جس میں شہریوں کے مسائل اور حکومتی اقدامات کا احاطہ کیا گیا ہے۔ یہ خبر نامہ مقامی اور بین الاقوامی خبروں پر مشتمل ہے جس میں شہریوں کے مسائل اور حکومتی اقدامات کا احاطہ کیا گیا ہے۔ یہ خبر نامہ مقامی اور بین الاقوامی خبروں پر مشتمل ہے جس میں شہریوں کے مسائل اور حکومتی اقدامات کا احاطہ کیا گیا ہے۔ یہ خبر نامہ مقامی اور بین الاقوامی خبروں پر مشتمل ہے جس میں شہریوں کے مسائل اور حکومتی اقدامات کا احاطہ کیا گیا ہے۔ یہ خبر نامہ مقامی اور بین الاقوامی خبروں پر مشتمل ہے جس میں شہریوں کے مسائل اور حکومتی اقدامات کا احاطہ کیا گیا ہے۔ یہ خبر نامہ مقامی اور بین الاقوامی خبروں پر مشتمل ہے جس میں شہریوں کے مسائل اور حکومتی اقدامات کا احاطہ کیا گیا ہے۔
نمبر 30
عوام
یہ خبر نامہ مقامی اور بین الاقوامی خبروں پر مشتمل ہے جس میں شہریوں کے مسائل اور حکومتی اقدامات کا احاطہ کیا گیا ہے۔ یہ خبر نامہ مقامی اور بین الاقوامی خبروں پر مشتمل ہے جس میں شہریوں کے مسائل اور حکومتی اقدامات کا احاطہ کیا گیا ہے۔ یہ خبر نامہ مقامی اور بین الاقوامی خبروں پر مشتمل ہے جس میں شہریوں کے مسائل اور حکومتی اقدامات کا احاطہ کیا گیا ہے۔ یہ خبر نامہ مقامی اور بین الاقوامی خبروں پر مشتمل ہے جس میں شہریوں کے مسائل اور حکومتی اقدامات کا احاطہ کیا گیا ہے۔ یہ خبر نامہ مقامی اور بین الاقوامی خبروں پر مشتمل ہے جس میں شہریوں کے مسائل اور حکومتی اقدامات کا احاطہ کیا گیا ہے۔ یہ خبر نامہ مقامی اور بین الاقوامی خبروں پر مشتمل ہے جس میں شہریوں کے مسائل اور حکومتی اقدامات کا احاطہ کیا گیا ہے۔ یہ خبر نامہ مقامی اور بین الاقوامی خبروں پر مشتمل ہے جس میں شہریوں کے مسائل اور حکومتی اقدامات کا احاطہ کیا گیا ہے۔
نمبر 31
مسجد
یہ خبر نامہ مقامی اور بین الاقوامی خبروں پر مشتمل ہے جس میں شہریوں کے مسائل اور حکومتی اقدامات کا احاطہ کیا گیا ہے۔ یہ خبر نامہ مقامی اور بین الاقوامی خبروں پر مشتمل ہے جس میں شہریوں کے مسائل اور حکومتی اقدامات کا احاطہ کیا گیا ہے۔ یہ خبر نامہ مقامی اور بین الاقوامی خبروں پر مشتمل ہے جس میں شہریوں کے مسائل اور حکومتی اقدامات کا احاطہ کیا گیا ہے۔ یہ خبر نامہ مقامی اور بین الاقوامی خبروں پر مشتمل ہے جس میں شہریوں کے مسائل اور حکومتی اقدامات کا احاطہ کیا گیا ہے۔ یہ خبر نامہ مقامی اور بین الاقوامی خبروں پر مشتمل ہے جس میں شہریوں کے مسائل اور حکومتی اقدامات کا احاطہ کیا گیا ہے۔ یہ خبر نامہ مقامی اور بین الاقوامی خبروں پر مشتمل ہے جس میں شہریوں کے مسائل اور حکومتی اقدامات کا احاطہ کیا گیا ہے۔ یہ خبر نامہ مقامی اور بین الاقوامی خبروں پر مشتمل ہے جس میں شہریوں کے مسائل اور حکومتی اقدامات کا احاطہ کیا گیا ہے۔
نمبر 32
مدرسہ
یہ خبر نامہ مقامی اور بین الاقوامی خبروں پر مشتمل ہے جس میں شہریوں کے مسائل اور حکومتی اقدامات کا احاطہ کیا گیا ہے۔ یہ خبر نامہ مقامی اور بین الاقوامی خبروں پر مشتمل ہے جس میں شہریوں کے مسائل اور حکومتی اقدامات کا احاطہ کیا گیا ہے۔ یہ خبر نامہ مقامی اور بین الاقوامی خبروں پر مشتمل ہے جس میں شہریوں کے مسائل اور حکومتی اقدامات کا احاطہ کیا گیا ہے۔ یہ خبر نامہ مقامی اور بین الاقوامی خبروں پر مشتمل ہے جس میں شہریوں کے مسائل اور حکومتی اقدامات کا احاطہ کیا گیا ہے۔ یہ خبر نامہ مقامی اور بین الاقوامی خبروں پر مشتمل ہے جس میں شہریوں کے مسائل اور حکومتی اقدامات کا احاطہ کیا گیا ہے۔ یہ خبر نامہ مقامی اور بین الاقوامی خبروں پر مشتمل ہے جس میں شہریوں کے مسائل اور حکومتی اقدامات کا احاطہ کیا گیا ہے۔ یہ خبر نامہ مقامی اور بین الاقوامی خبروں پر مشتمل ہے جس میں شہریوں کے مسائل اور حکومتی اقدامات کا احاطہ کیا گیا ہے۔
نمبر 33
سکول
یہ خبر نامہ مقامی اور بین الاقوامی خبروں پر مشتمل ہے جس میں شہریوں کے مسائل اور حکومتی اقدامات کا احاطہ کیا گیا ہے۔ یہ خبر نامہ مقامی اور بین الاقوامی خبروں پر مشتمل ہے جس میں شہریوں کے مسائل اور حکومتی اقدامات کا احاطہ کیا گیا ہے۔ یہ خبر نامہ مقامی اور بین الاقوامی خبروں پر مشتمل ہے جس میں شہریوں کے مسائل اور حکومتی اقدامات کا احاطہ کیا گیا ہے۔ یہ خبر نامہ مقامی اور بین الاقوامی خبروں پر مشتمل ہے جس میں شہریوں کے مسائل اور حکومتی اقدامات کا احاطہ کیا گیا ہے۔ یہ خبر نامہ مقامی اور بین الاقوامی خبروں پر مشتمل ہے جس میں شہریوں کے مسائل اور حکومتی اقدامات کا احاطہ کیا گیا ہے۔ یہ خبر نامہ مقامی اور بین الاقوامی خبروں پر مشتمل ہے جس میں شہریوں کے مسائل اور حکومتی اقدامات کا احاطہ کیا گیا ہے۔ یہ خبر نامہ مقامی اور بین الاقوامی خبروں پر مشتمل ہے جس میں شہریوں کے مسائل اور حکومتی اقدامات کا احاطہ کیا گیا ہے۔
نمبر 34
جامعہ
یہ خبر نامہ مقامی اور بین الاقوامی خبروں پر مشتمل ہے جس میں شہریوں کے مسائل اور حکومتی اقدامات کا احاطہ کیا گیا ہے۔ یہ خبر نامہ مقامی اور بین الاقوامی خبروں پر مشتمل ہے جس میں شہریوں کے مسائل اور حکومتی اقدامات کا احاطہ کیا گیا ہے۔ یہ خبر نامہ مقامی اور بین الاقوامی خبروں پر مشتمل ہے جس میں شہریوں کے مسائل اور حکومتی اقدامات کا احاطہ کیا گیا ہے۔ یہ خبر نامہ مقامی اور بین الاقوامی خبروں پر مشتمل ہے جس میں شہریوں کے مسائل اور حکومتی اقدامات کا احاطہ کیا گیا ہے۔ یہ خبر نامہ مقامی اور بین الاقوامی خبروں پر مشتمل ہے جس میں شہریوں کے مسائل اور حکومتی اقدامات کا احاطہ کیا گیا ہے۔ یہ خبر نامہ مقامی اور بین الاقوامی خبروں پر مشتمل ہے جس میں شہریوں کے مسائل اور حکومتی اقدامات کا احاطہ کیا گیا ہے۔ یہ خبر نامہ مقامی اور بین الاقوامی خبروں پر مشتمل ہے جس میں شہریوں کے مسائل اور حکومتی اقدامات کا احاطہ کیا گیا ہے۔ یہ خبر نامہ مقامی اور بین الاقوامی خبروں پر مشتمل ہے جس میں شہریوں کے مسائل اور حکومتی اقدامات کا احاطہ کیا گیا ہے۔
ہینگر جھونپڑی ساتھیوں کی مناسبت سے
تقریب کا اہتمام
یہ خبر نامہ مقامی اور بین الاقوامی خبروں پر مشتمل ہے جس میں شہریوں کے مسائل اور حکومتی اقدامات کا احاطہ کیا گیا ہے۔ یہ خبر نامہ مقامی اور بین الاقوامی خبروں پر مشتمل ہے جس میں شہریوں کے مسائل اور حکومتی اقدامات کا احاطہ کیا گیا ہے۔ یہ خبر نامہ مقامی اور بین الاقوامی خبروں پر مشتمل ہے جس میں شہریوں کے مسائل اور حکومتی اقدامات کا احاطہ کیا گیا ہے۔ یہ خبر نامہ مقامی اور بین الاقوامی خبروں پر مشتمل ہے جس میں شہریوں کے مسائل اور حکومتی اقدامات کا احاطہ کیا گیا ہے۔ یہ خبر نامہ مقامی اور بین الاقوامی خبروں پر مشتمل ہے جس میں شہریوں کے مسائل اور حکومتی اقدامات کا احاطہ کیا گیا ہے۔ یہ خبر نامہ مقامی اور بین الاقوامی خبروں پر مشتمل ہے جس میں شہریوں کے مسائل اور حکومتی اقدامات کا احاطہ کیا گیا ہے۔
Exercise Increased Caution
یہ خبر نامہ مقامی اور بین الاقوامی خبروں پر مشتمل ہے جس میں شہریوں کے مسائل اور حکومتی اقدامات کا احاطہ کیا گیا ہے۔ یہ خبر نامہ مقامی اور بین الاقوامی خبروں پر مشتمل ہے جس میں شہریوں کے مسائل اور حکومتی اقدامات کا احاطہ کیا گیا ہے۔ یہ خبر نامہ مقامی اور بین الاقوامی خبروں پر مشتمل ہے جس میں شہریوں کے مسائل اور حکومتی اقدامات کا احاطہ کیا گیا ہے۔ یہ خبر نامہ مقامی اور بین الاقوامی خبروں پر مشتمل ہے جس میں شہریوں کے مسائل اور حکومتی اقدامات کا احاطہ کیا گیا ہے۔ یہ خبر نامہ مقامی اور بین الاقوامی خبروں پر مشتمل ہے جس میں شہریوں کے مسائل اور حکومتی اقدامات کا احاطہ کیا گیا ہے۔ یہ خبر نامہ مقامی اور بین الاقوامی خبروں پر مشتمل ہے جس میں شہریوں کے مسائل اور حکومتی اقدامات کا احاطہ کیا گیا ہے۔ یہ خبر نامہ مقامی اور بین الاقوامی خبروں پر مشتمل ہے جس میں شہریوں کے مسائل اور حکومتی اقدامات کا احاطہ کیا گیا ہے۔
نمبر 35
حیدرآباد
یہ خبر نامہ مقامی اور بین الاقوامی خبروں پر مشتمل ہے جس میں شہریوں کے مسائل اور حکومتی اقدامات کا احاطہ کیا گیا ہے۔ یہ خبر نامہ مقامی اور بین الاقوامی خبروں پر مشتمل ہے جس میں شہریوں کے مسائل اور حکومتی اقدامات کا احاطہ کیا گیا ہے۔ یہ خبر نامہ مقامی اور بین الاقوامی خبروں پر مشتمل ہے جس میں شہریوں کے مسائل اور حکومتی اقدامات کا احاطہ کیا گیا ہے۔ یہ خبر نامہ مقامی اور بین الاقوامی خبروں پر مشتمل ہے جس میں شہریوں کے مسائل اور حکومتی اقدامات کا احاطہ کیا گیا ہے۔ یہ خبر نامہ مقامی اور بین الاقوامی خبروں پر مشتمل ہے جس میں شہریوں کے مسائل اور حکومتی اقدامات کا احاطہ کیا گیا ہے۔ یہ خبر نامہ مقامی اور بین الاقوامی خبروں پر مشتمل ہے جس میں شہریوں کے مسائل اور حکومتی اقدامات کا احاطہ کیا گیا ہے۔ یہ خبر نامہ مقامی اور بین الاقوامی خبروں پر مشتمل ہے جس میں شہریوں کے مسائل اور حکومتی اقدامات کا احاطہ کیا گیا ہے۔
نمبر 36
شاہراہ
یہ خبر نامہ مقامی اور بین الاقوامی خبروں پر مشتمل ہے جس میں شہریوں کے مسائل اور حکومتی اقدامات کا احاطہ کیا گیا ہے۔ یہ خبر نامہ مقامی اور بین الاقوامی خبروں پر مشتمل ہے جس میں شہریوں کے مسائل اور حکومتی اقدامات کا احاطہ کیا گیا ہے۔ یہ خبر نامہ مقامی اور بین الاقوامی خبروں پر مشتمل ہے جس میں شہریوں کے مسائل اور حکومتی اقدامات کا احاطہ کیا گیا ہے۔ یہ خبر نامہ مقامی اور بین الاقوامی خبروں پر مشتمل ہے جس میں شہریوں کے مسائل اور حکومتی اقدامات کا احاطہ کیا گیا ہے۔ یہ خبر نامہ مقامی اور بین الاقوامی خبروں پر مشتمل ہے جس میں شہریوں کے مسائل اور حکومتی اقدامات کا احاطہ کیا گیا ہے۔ یہ خبر نامہ مقامی اور بین الاقوامی خبروں پر مشتمل ہے جس میں شہریوں کے مسائل اور حکومتی اقدامات کا احاطہ کیا گیا ہے۔ یہ خبر نامہ مقامی اور بین الاقوامی خبروں پر مشتمل ہے جس میں شہریوں کے مسائل اور حکومتی اقدامات کا احاطہ کیا گیا ہے۔
نمبر 37
عدالت
یہ خبر نامہ مقامی اور بین الاقوامی خبروں پر مشتمل ہے جس میں شہریوں کے مسائل اور حکومتی اقدامات کا احاطہ کیا گیا ہے۔ یہ خبر نامہ مقامی اور بین الاقوامی خبروں پر مشتمل ہے جس میں شہریوں کے مسائل اور حکومتی اقدامات کا احاطہ کیا گیا ہے۔ یہ خبر نامہ مقامی اور بین الاقوامی خبروں پر مشتمل ہے جس میں شہریوں کے مسائل اور حکومتی اقدامات کا احاطہ کیا گیا ہے۔ یہ خبر نامہ مقامی اور بین الاقوامی خبروں پر مشتمل ہے جس میں شہریوں کے مسائل اور حکومتی اقدامات کا احاطہ کیا گیا ہے۔ یہ خبر نامہ مقامی اور بین الاقوامی خبروں پر مشتمل ہے جس میں شہریوں کے مسائل اور حکومتی اقدامات کا احاطہ کیا گیا ہے۔ یہ خبر نامہ مقامی اور بین الاقوامی خبروں پر مشتمل ہے جس میں شہریوں کے مسائل اور حکومتی اقدامات کا احاطہ کیا گیا ہے۔ یہ خبر نامہ مقامی اور بین الاقوامی خبروں پر مشتمل ہے جس میں شہریوں کے مسائل اور حکومتی اقدامات کا احاطہ کیا گیا ہے۔
نمبر 38
تعمیر
یہ خبر نامہ مقامی اور بین الاقوامی خبروں پر مشتمل ہے جس میں شہریوں کے مسائل اور حکومتی اقدامات کا احاطہ کیا گیا ہے۔ یہ خبر نامہ مقامی اور بین الاقوامی خبروں پر مشتمل ہے جس میں شہریوں کے مسائل اور حکومتی اقدامات کا احاطہ کیا گیا ہے۔ یہ خبر نامہ مقامی اور بین الاقوامی خبروں پر مشتمل ہے جس میں شہریوں کے مسائل اور حکومتی اقدامات کا احاطہ کیا گیا ہے۔ یہ خبر نامہ مقامی اور بین الاقوامی خبروں پر مشتمل ہے جس میں شہریوں کے مسائل اور حکومتی اقدامات کا احاطہ کیا گیا ہے۔ یہ خبر نامہ مقامی اور بین الاقوامی خبروں پر مشتمل ہے جس میں شہریوں کے مسائل اور حکومتی اقدامات کا احاطہ کیا گیا ہے۔ یہ خبر نامہ مقامی اور بین الاقوامی خبروں پر مشتمل ہے جس میں شہریوں کے مسائل اور حکومتی اقدامات کا احاطہ کیا گیا ہے۔ یہ خبر نامہ مقامی اور بین الاقوامی خبروں پر مشتمل ہے جس میں شہریوں کے مسائل اور حکومتی اقدامات کا احاطہ کیا گیا ہے۔
نمبر 39
ترقی
یہ خبر نامہ مقامی اور بین الاقوامی خبروں پر مشتمل ہے جس میں شہریوں کے مسائل اور حکومتی اقدامات کا احاطہ کیا گیا ہے۔ یہ خبر نامہ مقامی اور بین الاقوامی خبروں پر مشتمل ہے جس میں شہریوں کے مسائل اور حکومتی اقدامات کا احاطہ کیا گیا ہے۔ یہ خبر نامہ مقامی اور بین الاقوامی خبروں پر مشتمل ہے جس میں شہریوں کے مسائل اور حکومتی اقدامات کا احاطہ کیا گیا ہے۔ یہ خبر نامہ مقامی اور بین الاقوامی خبروں پر مشتمل ہے جس میں شہریوں کے مسائل اور حکومتی اقدامات کا احاطہ کیا گیا ہے۔ یہ خبر نامہ مقامی اور بین الاقوامی خبروں پر مشتمل ہے جس میں شہریوں کے مسائل اور حکومتی اقدامات کا احاطہ کیا گیا ہے۔ یہ خبر نامہ مقامی اور بین الاقوامی خبروں پر مشتمل ہے جس میں شہریوں کے مسائل اور حکومتی اقدامات کا احاطہ کیا گیا ہے۔ یہ خبر نامہ مقامی اور بین الاقوامی خبروں پر مشتمل ہے جس میں شہریوں کے مسائل اور حکومتی اقدامات کا احاطہ کیا گیا ہے۔ یہ خبر نامہ مقامی اور بین الاقوامی خبروں پر مشتمل ہے جس میں شہریوں کے مسائل اور حکومتی اقدامات کا احاطہ کیا گیا ہے۔
شدید گرمی میں طویل لوڈشیڈنگ کیخلاف شہریوں کا احتجاج
جامعہ سندھ مشورہ کا اعلامیہ
یہ خبر نامہ مقامی اور بین الاقوامی خبروں پر مشتمل ہے جس میں شہریوں کے مسائل اور حکومتی اقدامات کا احاطہ کیا گیا ہے۔ یہ خبر نامہ مقامی اور بین الاقوامی خبروں پر مشتمل ہے جس میں شہریوں کے مسائل اور حکومتی اقدامات کا احاطہ کیا گیا ہے۔ یہ خبر نامہ مقامی اور بین الاقوامی خبروں پر مشتمل ہے جس میں شہریوں کے مسائل اور حکومتی اقدامات کا احاطہ کیا گیا ہے۔ یہ خبر نامہ مقامی اور بین الاقوامی خبروں پر مشتمل ہے جس میں شہریوں کے مسائل اور حکومتی اقدامات کا احاطہ کیا گیا ہے۔ یہ خبر نامہ مقامی اور بین الاقوامی خبروں پر مشتمل ہے جس میں شہریوں کے مسائل اور حکومتی اقدامات کا احاطہ کیا گیا ہے۔ یہ خبر نامہ مقامی اور بین الاقوامی خبروں پر مشتمل ہے جس میں شہریوں کے مسائل اور حکومتی اقدامات کا احاطہ کیا گیا ہے۔
جامعہ سندھ مشورہ کا اعلامیہ
یہ خبر نامہ مقامی اور بین الاقوامی خبروں پر مشتمل ہے جس میں شہریوں کے مسائل اور حکومتی اقدامات کا احاطہ کیا گیا ہے۔ یہ خبر نامہ مقامی اور بین الاقوامی خبروں پر مشتمل ہے جس میں شہریوں کے مسائل اور حکومتی اقدامات کا احاطہ کیا گیا ہے۔ یہ خبر نامہ مقامی اور بین الاقوامی خبروں پر مشتمل ہے جس میں شہریوں کے مسائل اور حکومتی اقدامات کا احاطہ کیا گیا ہے۔ یہ خبر نامہ مقامی اور بین الاقوامی خبروں پر مشتمل ہے جس میں شہریوں کے مسائل اور حکومتی اقدامات کا احاطہ کیا گیا ہے۔ یہ خبر نامہ مقامی اور بین الاقوامی خبروں پر مشتمل ہے جس میں شہریوں کے مسائل اور حکومتی اقدامات کا احاطہ کیا گیا ہے۔ یہ خبر نامہ مقامی اور بین الاقوامی خبروں پر مشتمل ہے جس میں شہریوں کے مسائل اور حکومتی اقدامات کا احاطہ کیا گیا ہے۔ یہ خبر نامہ مقامی اور بین الاقوامی خبروں پر مشتمل ہے جس میں شہریوں کے مسائل اور حکومتی اقدامات کا احاطہ کیا گیا ہے۔
نمبر 40
تعلیم
یہ خبر نامہ مقامی اور بین الاقوامی خبروں پر مشتمل ہے جس میں شہریوں کے مسائل اور حکومتی اقدامات کا احاطہ کیا گیا ہے۔ یہ خبر نامہ مقامی اور بین الاقوامی خبروں پر مشتمل ہے جس میں شہریوں کے مسائل اور حکومتی اقدامات کا احاطہ کیا گیا ہے۔ یہ خبر نامہ مقامی اور بین الاقوامی خبروں پر مشتمل ہے جس میں شہریوں کے مسائل اور حکومتی اقدامات کا احاطہ کیا گیا ہے۔ یہ خبر نامہ مقامی اور بین الاقوامی خبروں پر مشتمل ہے جس میں شہریوں کے مسائل اور حکومتی اقدامات کا احاطہ کیا گیا ہے۔ یہ خبر نامہ مقامی اور بین الاقوامی خبروں پر مشتمل ہے جس میں شہریوں کے مسائل اور حکومتی اقدامات کا احاطہ کیا گیا ہے۔ یہ خبر نامہ مقامی اور بین الاقوامی خبروں پر مشتمل ہے جس میں شہریوں کے مسائل اور حکومتی اقدامات کا احاطہ کیا گیا ہے۔ یہ خبر نامہ مقامی اور بین الاقوامی خبروں پر مشتمل ہے جس میں شہریوں کے مسائل اور حکومتی اقدامات کا احاطہ کیا گیا ہے۔
نمبر 41
امتحان
یہ خبر نامہ مقامی اور بین الاقوامی خبروں پر مشتمل ہے جس میں شہریوں کے مسائل اور حکومتی اقدامات کا احاطہ کیا گیا ہے۔ یہ خبر نامہ مقامی اور بین الاقوامی خبروں پر مشتمل ہے جس میں شہریوں کے مسائل اور حکومتی اقدامات کا احاطہ کیا گیا ہے۔ یہ خبر نامہ مقامی اور بین الاقوامی خبروں پر مشتمل ہے جس میں شہریوں کے مسائل اور حکومتی اقدامات کا احاطہ کیا گیا ہے۔ یہ خبر نامہ مقامی اور بین الاقوامی خبروں پر مشتمل ہے جس میں شہریوں کے مسائل اور حکومتی اقدامات کا احاطہ کیا گیا ہے۔ یہ خبر نامہ مقامی اور بین الاقوامی خبروں پر مشتمل ہے جس میں شہریوں کے مسائل اور حکومتی اقدامات کا احاطہ کیا گیا ہے۔ یہ خبر نامہ مقامی اور بین الاقوامی خبروں پر مشتمل ہے جس میں شہریوں کے مسائل اور حکومتی اقدامات کا احاطہ کیا گیا ہے۔ یہ خبر نامہ مقامی اور بین الاقوامی خبروں پر مشتمل ہے جس میں شہریوں کے مسائل اور حکومتی اقدامات کا احاطہ کیا گیا ہے۔
نمبر 42
کالج
یہ خبر نامہ مقامی اور بین الاقوامی خبروں پر مشتمل ہے جس میں شہریوں کے مسائل اور حکومتی اقدامات کا احاطہ کیا گیا ہے۔ یہ خبر نامہ مقامی اور بین الاقوامی خبروں پر مشتمل ہے جس میں شہریوں کے مسائل اور حکومتی اقدامات کا احاطہ کیا گیا ہے۔ یہ خبر نامہ مقامی اور بین الاقوامی خبروں پر مشتمل ہے جس میں شہریوں کے مسائل اور حکومتی اقدامات کا احاطہ کیا گیا ہے۔ یہ خبر نامہ مقامی اور بین الاقوامی خبروں پر مشتمل ہے جس میں شہریوں کے مسائل اور حکومتی اقدامات کا احاطہ کیا گیا ہے۔ یہ خبر نامہ مقامی اور بین الاقوامی خبروں پر مشتمل ہے جس میں شہریوں کے مسائل اور حکومتی اقدامات کا احاطہ کیا گیا ہے۔ یہ خبر نامہ مقامی اور بین الاقوامی خبروں پر مشتمل ہے جس میں شہریوں کے مسائل اور حکومتی اقدامات کا احاطہ کیا گیا ہے۔ یہ خبر نامہ مقامی اور بین الاقوامی خبروں پر مشتمل ہے جس میں شہریوں کے مسائل اور حکومتی اقدامات کا احاطہ کیا گیا ہے۔
نمبر 43
داخلہ
یہ خبر نامہ مقامی اور بین الاقوامی خبروں پر مشتمل ہے جس میں شہریوں کے مسائل اور حکومتی اقدامات کا احاطہ کیا گیا ہے۔ یہ خبر نامہ مقامی اور بین الاقوامی خبروں پر مشتمل ہے جس میں شہریوں کے مسائل اور حکومتی اقدامات کا احاطہ کیا گیا ہے۔ یہ خبر نامہ مقامی اور بین الاقوامی خبروں پر مشتمل ہے جس میں شہریوں کے مسائل اور حکومتی اقدامات کا احاطہ کیا گیا ہے۔ یہ خبر نامہ مقامی اور بین الاقوامی خبروں پر مشتمل ہے جس میں شہریوں کے مسائل اور حکومتی اقدامات کا احاطہ کیا گیا ہے۔ یہ خبر نامہ مقامی اور بین الاقوامی خبروں پر مشتمل ہے جس میں شہریوں کے مسائل اور حکومتی اقدامات کا احاطہ کیا گیا ہے۔ یہ خبر نامہ مقامی اور بین الاقوامی خبروں پر مشتمل ہے جس میں شہریوں کے مسائل اور حکومتی اقدامات کا احاطہ کیا گیا ہے۔ یہ خبر نامہ مقامی اور بین الاقوامی خبروں پر مشتمل ہے جس میں شہریوں کے مسائل اور حکومتی اقدامات کا احاطہ کیا گیا ہے۔ یہ خبر نامہ مقامی اور بین الاقوامی خبروں پر مشتمل ہے جس میں شہریوں کے مسائل اور حکومتی اقدامات کا احاطہ کیا گیا ہے۔
شہریوں کا احتجاج
لوڈشیڈنگ کے خلاف مظاہرہ
یہ خبر نامہ مقامی اور بین الاقوامی خبروں پر مشتمل ہے جس میں شہریوں کے مسائل اور حکومتی اقدامات کا احاطہ کیا گیا ہے۔ یہ خبر نامہ مقامی اور بین الاقوامی خبروں پر مشتمل ہے جس میں شہریوں کے مسائل اور حکومتی اقدامات کا احاطہ کیا گیا ہے۔ یہ خبر نامہ مقامی اور بین الاقوامی خبروں پر مشتمل ہے جس میں شہریوں کے مسائل اور حکومتی اقدامات کا احاطہ کیا گیا ہے۔ یہ خبر نامہ مقامی اور بین الاقوامی خبروں پر مشتمل ہے جس میں شہریوں کے مسائل اور حکومتی اقدامات کا احاطہ کیا گیا ہے۔ یہ خبر نامہ مقامی اور بین الاقوامی خبروں پر مشتمل ہے جس میں شہریوں کے مسائل اور حکومتی اقدامات کا احاطہ کیا گیا ہے۔ یہ خبر نامہ مقامی اور بین الاقوامی خبروں پر مشتمل ہے جس میں شہریوں کے مسائل اور حکومتی اقدامات کا احاطہ کیا گیا ہے۔
سینٹرل جیل میں قیدی کی ہلاکت کے باعث احتجاج
یہ خبر نامہ مقامی اور بین الاقوامی خبروں پر مشتمل ہے جس میں شہریوں کے مسائل اور حکومتی اقدامات کا احاطہ کیا گیا ہے۔ یہ خبر نامہ مقامی اور بین الاقوامی خبروں پر مشتمل ہے جس میں شہریوں کے مسائل اور حکومتی اقدامات کا احاطہ کیا گیا ہے۔ یہ خبر نامہ مقامی اور بین الاقوامی خبروں پر مشتمل ہے جس میں شہریوں کے مسائل اور حکومتی اقدامات کا احاطہ کیا گیا ہے۔ یہ خبر نامہ مقامی اور بین الاقوامی خبروں پر مشتمل ہے جس میں شہریوں کے مسائل اور حکومتی اقدامات کا احاطہ کیا گیا ہے۔ یہ خبر نامہ مقامی اور بین الاقوامی خبروں پر مشتمل ہے جس میں شہریوں کے مسائل اور حکومتی اقدامات کا احاطہ کیا گیا ہے۔ یہ خبر نامہ مقامی اور بین الاقوامی خبروں پر مشتمل ہے جس میں شہریوں کے مسائل اور حکومتی اقدامات کا احاطہ کیا گیا ہے۔ یہ خبر نامہ مقامی اور بین الاقوامی خبروں پر مشتمل ہے جس میں شہریوں کے مسائل اور حکومتی اقدامات کا احاطہ کیا گیا ہے۔
نمبر 44
بلدیہ
یہ خبر نامہ مقامی اور بین الاقوامی خبروں پر مشتمل ہے جس میں شہریوں کے مسائل اور حکومتی اقدامات کا احاطہ کیا گیا ہے۔ یہ خبر نامہ مقامی اور بین الاقوامی خبروں پر مشتمل ہے جس میں شہریوں کے مسائل اور حکومتی اقدامات کا احاطہ کیا گیا ہے۔ یہ خبر نامہ مقامی اور بین الاقوامی خبروں پر مشتمل ہے جس میں شہریوں کے مسائل اور حکومتی اقدامات کا احاطہ کیا گیا ہے۔ یہ خبر نامہ مقامی اور بین الاقوامی خبروں پر مشتمل ہے جس میں شہریوں کے مسائل اور حکومتی اقدامات کا احاطہ کیا گیا ہے۔ یہ خبر نامہ مقامی اور بین الاقوامی خبروں پر مشتمل ہے جس میں شہریوں کے مسائل اور حکومتی اقدامات کا احاطہ کیا گیا ہے۔ یہ خبر نامہ مقامی اور بین الاقوامی خبروں پر مشتمل ہے جس میں شہریوں کے مسائل اور حکومتی اقدامات کا احاطہ کیا گیا ہے۔ یہ خبر نامہ مقامی اور بین الاقوامی خبروں پر مشتمل ہے جس میں شہریوں کے مسائل اور حکومتی اقدامات کا احاطہ کیا گیا ہے۔
نمبر 45
بی ایس
یہ خبر نامہ مقامی اور بین الاقوامی خبروں پر مشتمل ہے جس میں شہریوں کے مسائل اور حکومتی اقدامات کا احاطہ کیا گیا ہے۔ یہ خبر نامہ مقامی اور بین الاقوامی خبروں پر مشتمل ہے جس میں شہریوں کے مسائل اور حکومتی اقدامات کا احاطہ کیا گیا ہے۔ یہ خبر نامہ مقامی اور بین الاقوامی خبروں پر مشتمل ہے جس میں شہریوں کے مسائل اور حکومتی اقدامات کا احاطہ کیا گیا ہے۔ یہ خبر نامہ مقامی اور بین الاقوامی خبروں پر مشتمل ہے جس میں شہریوں کے مسائل اور حکومتی اقدامات کا احاطہ کیا گیا ہے۔ یہ خبر نامہ مقامی اور بین الاقوامی خبروں پر مشتمل ہے جس میں شہریوں کے مسائل اور حکومتی اقدامات کا احاطہ کیا گیا ہے۔ یہ خبر نامہ مقامی اور بین الاقوامی خبروں پر مشتمل ہے جس میں شہریوں کے مسائل اور حکومتی اقدامات کا احاطہ کیا گیا ہے۔ یہ خبر نامہ مقامی اور بین الاقوامی خبروں پر مشتمل ہے جس میں شہریوں کے مسائل اور حکومتی اقدامات کا احاطہ کیا گیا ہے۔
نمبر 46
سٹی
یہ خبر نامہ مقامی اور بین الاقوامی خبروں پر مشتمل ہے جس میں شہریوں کے مسائل اور حکومتی اقدامات کا احاطہ کیا گیا ہے۔ یہ خبر نامہ مقامی اور بین الاقوامی خبروں پر مشتمل ہے جس میں شہریوں کے مسائل اور حکومتی اقدامات کا احاطہ کیا گیا ہے۔ یہ خبر نامہ مقامی اور بین الاقوامی خبروں پر مشتمل ہے جس میں شہریوں کے مسائل اور حکومتی اقدامات کا احاطہ کیا گیا ہے۔ یہ خبر نامہ مقامی اور بین الاقوامی خبروں پر مشتمل ہے جس میں شہریوں کے مسائل اور حکومتی اقدامات کا احاطہ کیا گیا ہے۔ یہ خبر نامہ مقامی اور بین الاقوامی خبروں پر مشتمل ہے جس میں شہریوں کے مسائل اور حکومتی اقدامات کا احاطہ کیا گیا ہے۔ یہ خبر نامہ مقامی اور بین الاقوامی خبروں پر مشتمل ہے جس میں شہریوں کے مسائل اور حکومتی اقدامات کا احاطہ کیا گیا ہے۔ یہ خبر نامہ مقامی اور بین الاقوامی خبروں پر مشتمل ہے جس میں شہریوں کے مسائل اور حکومتی اقدامات کا احاطہ کیا گیا ہے۔
نمبر 47
ماحول
یہ خبر نامہ مقامی اور بین الاقوامی خبروں پر مشتمل ہے جس میں شہریوں کے مسائل اور حکومتی اقدامات کا احاطہ کیا گیا ہے۔ یہ خبر نامہ مقامی اور بین الاقوامی خبروں پر مشتمل ہے جس میں شہریوں کے مسائل اور حکومتی اقدامات کا احاطہ کیا گیا ہے۔ یہ خبر نامہ مقامی اور بین الاقوامی خبروں پر مشتمل ہے جس میں شہریوں کے مسائل اور حکومتی اقدامات کا احاطہ کیا گیا ہے۔ یہ خبر نامہ مقامی اور بین الاقوامی خبروں پر مشتمل ہے جس میں شہریوں کے مسائل اور حکومتی اقدامات کا احاطہ کیا گیا ہے۔ یہ خبر نامہ مقامی اور بین الاقوامی خبروں پر مشتمل ہے جس میں شہریوں کے مسائل اور حکومتی اقدامات کا احاطہ کیا گیا ہے۔ یہ خبر نامہ مقامی اور بین الاقوامی خبروں پر مشتمل ہے جس میں شہریوں کے مسائل اور حکومتی اقدامات کا احاطہ کیا گیا ہے۔ یہ خبر نامہ مقامی اور بین الاقوامی خبروں پر مشتمل ہے جس میں شہریوں کے مسائل اور حکومتی اقدامات کا احاطہ کیا گیا ہے۔ یہ خبر نامہ مقامی اور بین الاقوامی خبروں پر مشتمل ہے جس میں شہریوں کے مسائل اور حکومتی اقدامات کا احاطہ کیا گیا ہے۔
